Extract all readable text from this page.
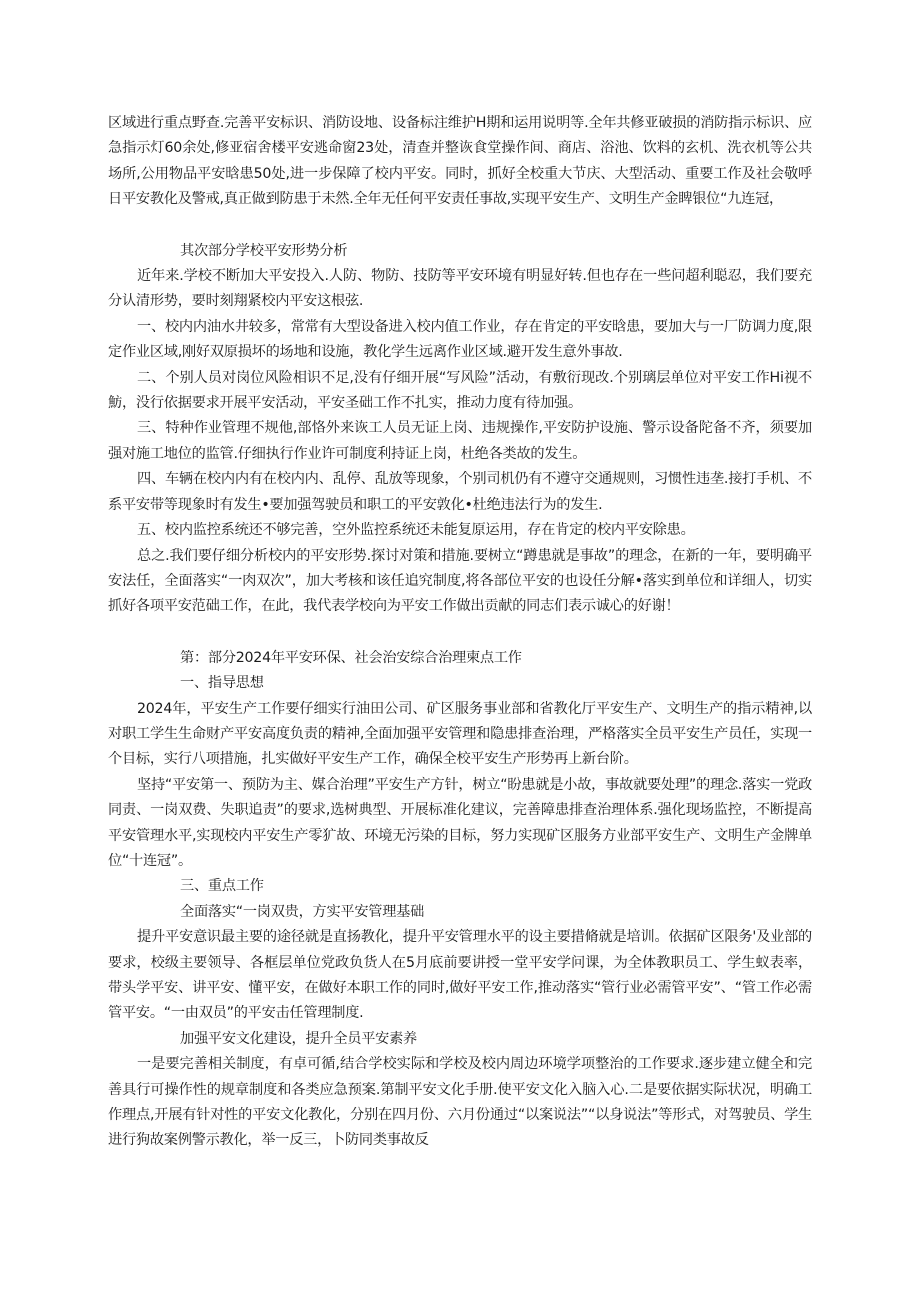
区域进行重点野查.完善平安标识、消防设地、设备标注维护H期和运用说明等.全年共修亚破损的消防指示标识、应急指示灯60余处,修亚宿舍楼平安逃命窗23处，清查并整诙食堂操作间、商店、浴池、饮料的玄机、洗衣机等公共场所,公用物品平安晗患50处,进一步保障了校内平安。同时，抓好全校重大节庆、大型活动、重要工作及社会敬呼日平安教化及警戒,真正做到防患于未然.全年无任何平安责任事故,实现平安生产、文明生产金睥银位“九连冠，

其次部分学校平安形势分析

近年来.学校不断加大平安投入.人防、物防、技防等平安环境有明显好转.但也存在一些问超利聪忍，我们要充分认清形势，要时刻翔紧校内平安这根弦.

一、校内内油水井较多，常常有大型设备进入校内值工作业，存在肯定的平安晗患，要加大与一厂防调力度,限定作业区域,刚好双原损坏的场地和设施，教化学生远离作业区域.避开发生意外事故.

二、个别人员对岗位风险相识不足,没有仔细开展“写风险”活动，有敷衍现改.个别璃层单位对平安工作Hi视不魴，没行依据要求开展平安活动，平安圣础工作不扎实，推动力度有待加强。

三、特种作业管理不规他,部恪外来诙工人员无证上岗、违规操作,平安防护设施、警示设备陀备不齐，须要加强对施工地位的监管.仔细执行作业许可制度利持证上岗，杜绝各类故的发生。

四、车辆在校内内有在校内内、乱停、乱放等现象，个别司机仍有不遵守交通规则，习惯性违垄.接打手机、不系平安带等现象时有发生•要加强驾驶员和职工的平安敦化•杜绝违法行为的发生.

五、校内监控系统还不够完善，空外监控系统还未能复原运用，存在肯定的校内平安除患。

总之.我们要仔细分析校内的平安形势.探讨对策和措施.要树立“蹲患就是事故”的理念，在新的一年，要明确平安法任，全面落实“一肉双次”，加大考核和该任追究制度,将各部位平安的也设任分解•落实到单位和详细人，切实抓好各项平安范础工作，在此，我代表学校向为平安工作做出贡献的同志们表示诚心的好谢！

第：部分2024年平安环保、社会治安综合治理柬点工作

一、指导思想

2024年，平安生产工作要仔细实行油田公司、矿区服务事业部和省教化厅平安生产、文明生产的指示精神,以对职工学生生命财产平安高度负责的精神,全面加强平安管理和隐患排查治理，严格落实全员平安生产员任，实现一个目标，实行八项措施，扎实做好平安生产工作，确保全校平安生产形势再上新台阶。

坚持“平安第一、预防为主、媒合治理”平安生产方针，树立“盼患就是小故，事故就要处理”的理念.落实一党政同责、一岗双费、失职追责”的要求,选树典型、开展标准化建议，完善障患排查治理体系.强化现场监控，不断提高平安管理水平,实现校内平安生产零犷故、环境无污染的目标，努力实现矿区服务方业部平安生产、文明生产金牌单位“十连冠”。

三、重点工作

全面落实“一岗双贵，方实平安管理基础

提升平安意识最主要的途径就是直扬教化，提升平安管理水平的设主要措脩就是培训。依据矿区限务'及业部的要求，校级主要领导、各框层单位党政负货人在5月底前要讲授一堂平安学问课，为全体教职员工、学生蚁表率，带头学平安、讲平安、懂平安，在做好本职工作的同时,做好平安工作,推动落实“管行业必需管平安”、“管工作必需管平安。“一由双员”的平安击任管理制度.

加强平安文化建设，提升全员平安素养

一是要完善相关制度，有卓可循,结合学校实际和学校及校内周边环境学项整治的工作要求.逐步建立健全和完善具行可操作性的规章制度和各类应急预案.第制平安文化手册.使平安文化入脑入心.二是要依据实际状况，明确工作理点,开展有针对性的平安文化教化，分别在四月份、六月份通过“以案说法”“以身说法”等形式，对驾驶员、学生进行狗故案例警示教化，举一反三，卜防同类事故反
